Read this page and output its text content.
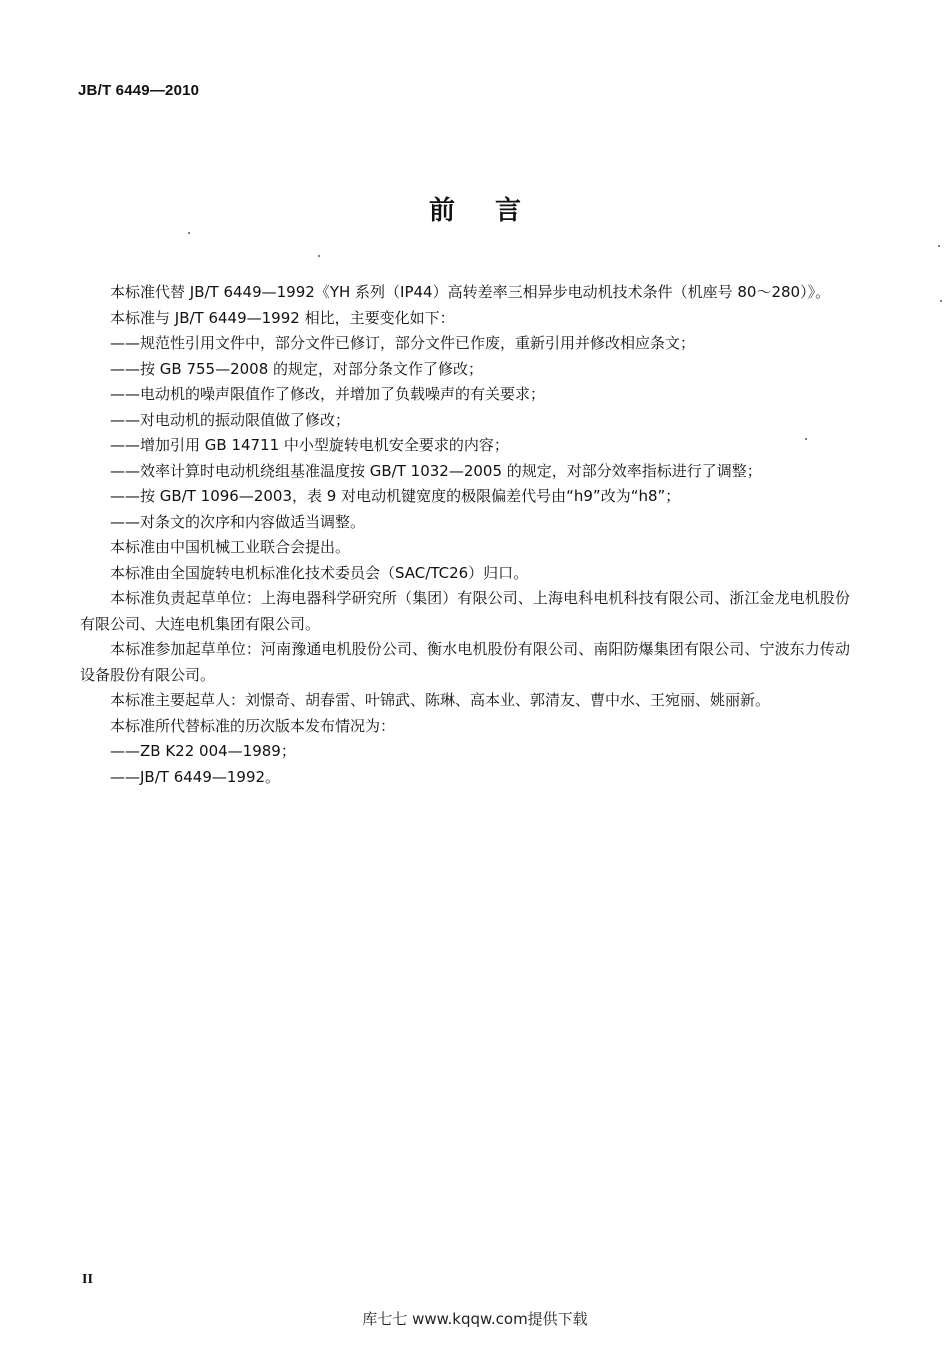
JB/T 6449—2010
前言

本标准代替 JB/T 6449—1992《YH 系列（IP44）高转差率三相异步电动机技术条件（机座号 80～280）》。

本标准与 JB/T 6449—1992 相比，主要变化如下：

——规范性引用文件中，部分文件已修订，部分文件已作废，重新引用并修改相应条文；

——按 GB 755—2008 的规定，对部分条文作了修改；

——电动机的噪声限值作了修改，并增加了负载噪声的有关要求；

——对电动机的振动限值做了修改；

——增加引用 GB 14711 中小型旋转电机安全要求的内容；

——效率计算时电动机绕组基准温度按 GB/T 1032—2005 的规定，对部分效率指标进行了调整；

——按 GB/T 1096—2003，表 9 对电动机键宽度的极限偏差代号由“h9”改为“h8”；

——对条文的次序和内容做适当调整。

本标准由中国机械工业联合会提出。

本标准由全国旋转电机标准化技术委员会（SAC/TC26）归口。

本标准负责起草单位：上海电器科学研究所（集团）有限公司、上海电科电机科技有限公司、浙江金龙电机股份有限公司、大连电机集团有限公司。

本标准参加起草单位：河南豫通电机股份公司、衡水电机股份有限公司、南阳防爆集团有限公司、宁波东力传动设备股份有限公司。

本标准主要起草人：刘憬奇、胡春雷、叶锦武、陈琳、高本业、郭清友、曹中水、王宛丽、姚丽新。

本标准所代替标准的历次版本发布情况为：

——ZB K22 004—1989；

——JB/T 6449—1992。

II
库七七 www.kqqw.com提供下载
